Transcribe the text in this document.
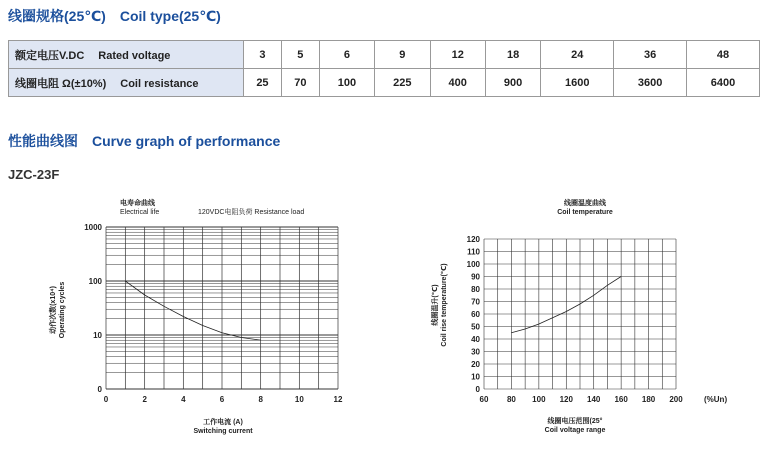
线圈规格(25℃) Coil type(25℃)
额定电压V.DC Rated voltage	3	5	6	9	12	18	24	36	48
线圈电阻 Ω(±10%) Coil resistance	25	70	100	225	400	900	1600	3600	6400
性能曲线图 Curve graph of performance
JZC-23F
电寿命曲线
Electrical life	120VDC电阻负荷 Resistance load
0	2	4	6	8	10	12
0
10
100
1000
动作次数(x10⁴) Operating cycles
工作电流 (A)
Switching current
线圈温度曲线
Coil temperature
60 80 100 120 140 160 180 200
0
10
20
30
40
50
60
70
80
90
100
110
120
线圈温升(℃) Coil rise temperature(℃)
(%Un)
线圈电压范围(25°
Coil voltage range
